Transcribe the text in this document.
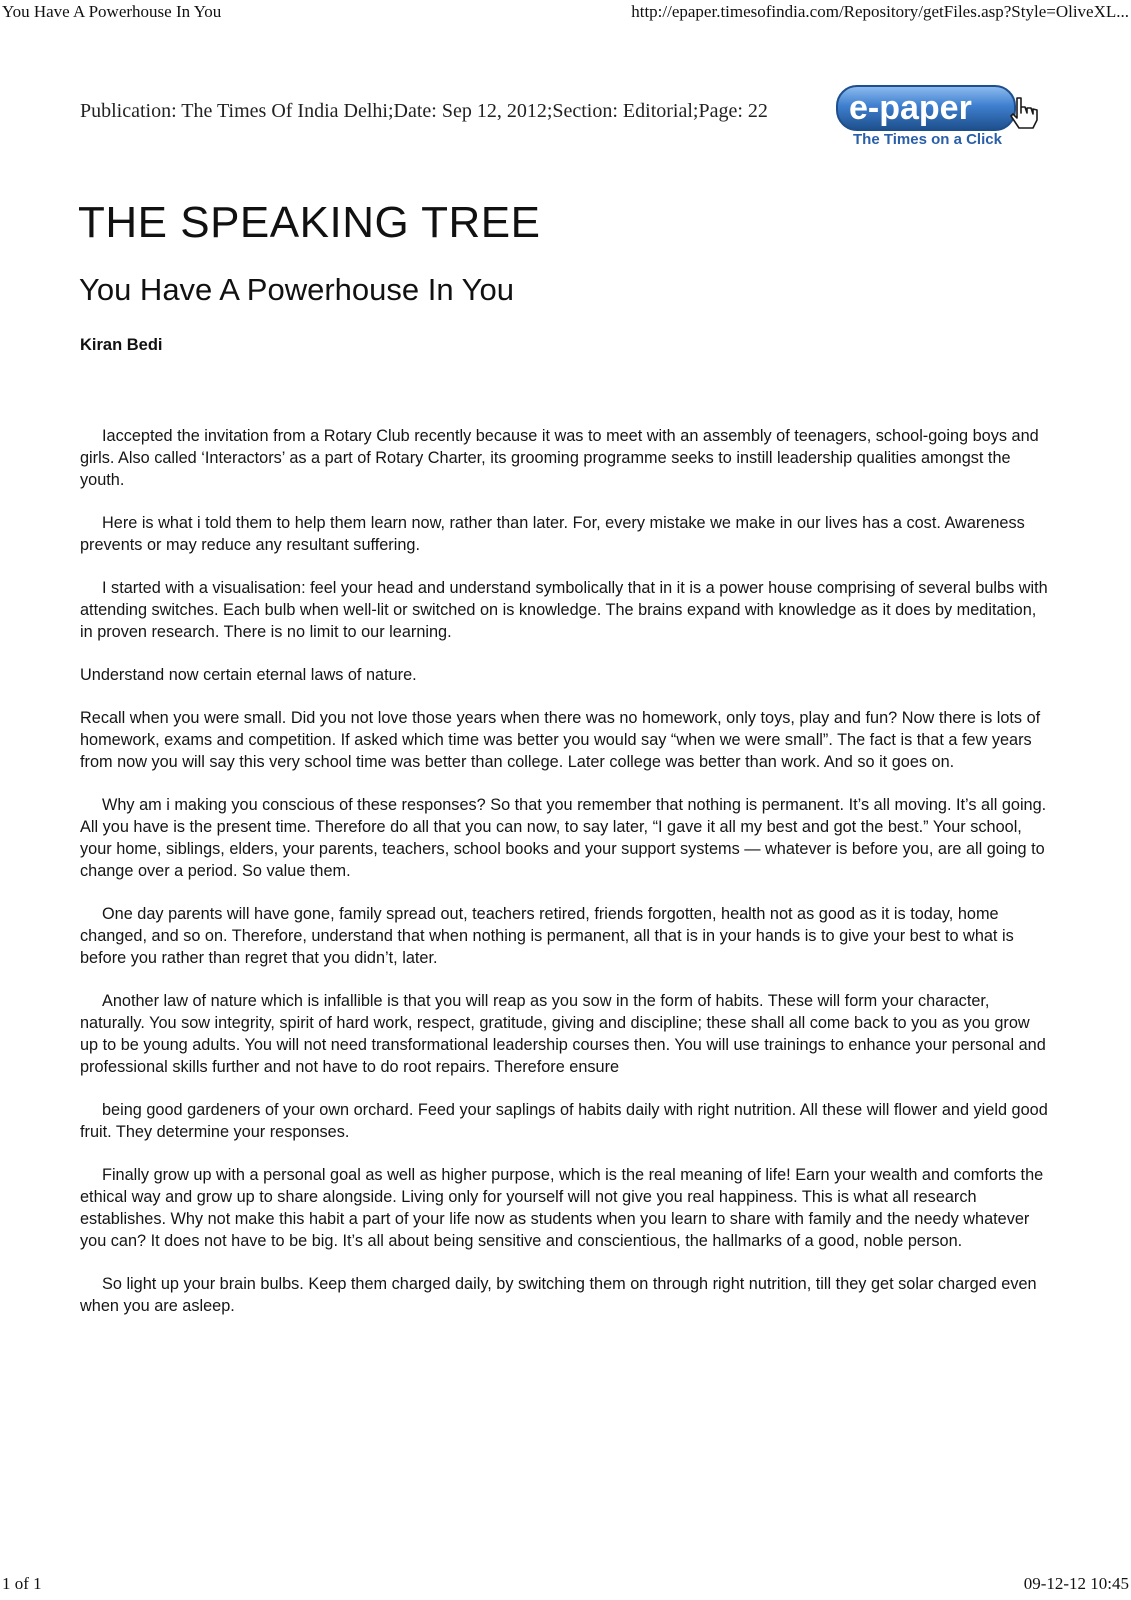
You Have A Powerhouse In You	http://epaper.timesofindia.com/Repository/getFiles.asp?Style=OliveXL...
Publication: The Times Of India Delhi;Date: Sep 12, 2012;Section: Editorial;Page: 22 e-paper
The Times on a Click
THE SPEAKING TREE
You Have A Powerhouse In You
Kiran Bedi

Iaccepted the invitation from a Rotary Club recently because it was to meet with an assembly of teenagers, school-going boys and girls. Also called ‘Interactors’ as a part of Rotary Charter, its grooming programme seeks to instill leadership qualities amongst the youth.

Here is what i told them to help them learn now, rather than later. For, every mistake we make in our lives has a cost. Awareness prevents or may reduce any resultant suffering.

I started with a visualisation: feel your head and understand symbolically that in it is a power house comprising of several bulbs with attending switches. Each bulb when well-lit or switched on is knowledge. The brains expand with knowledge as it does by meditation, in proven research. There is no limit to our learning.

Understand now certain eternal laws of nature.

Recall when you were small. Did you not love those years when there was no homework, only toys, play and fun? Now there is lots of homework, exams and competition. If asked which time was better you would say “when we were small”. The fact is that a few years from now you will say this very school time was better than college. Later college was better than work. And so it goes on.

Why am i making you conscious of these responses? So that you remember that nothing is permanent. It’s all moving. It’s all going. All you have is the present time. Therefore do all that you can now, to say later, “I gave it all my best and got the best.” Your school, your home, siblings, elders, your parents, teachers, school books and your support systems — whatever is before you, are all going to change over a period. So value them.

One day parents will have gone, family spread out, teachers retired, friends forgotten, health not as good as it is today, home changed, and so on. Therefore, understand that when nothing is permanent, all that is in your hands is to give your best to what is before you rather than regret that you didn’t, later.

Another law of nature which is infallible is that you will reap as you sow in the form of habits. These will form your character, naturally. You sow integrity, spirit of hard work, respect, gratitude, giving and discipline; these shall all come back to you as you grow up to be young adults. You will not need transformational leadership courses then. You will use trainings to enhance your personal and professional skills further and not have to do root repairs. Therefore ensure

being good gardeners of your own orchard. Feed your saplings of habits daily with right nutrition. All these will flower and yield good fruit. They determine your responses.

Finally grow up with a personal goal as well as higher purpose, which is the real meaning of life! Earn your wealth and comforts the ethical way and grow up to share alongside. Living only for yourself will not give you real happiness. This is what all research establishes. Why not make this habit a part of your life now as students when you learn to share with family and the needy whatever you can? It does not have to be big. It’s all about being sensitive and conscientious, the hallmarks of a good, noble person.

So light up your brain bulbs. Keep them charged daily, by switching them on through right nutrition, till they get solar charged even when you are asleep.

1 of 1	09-12-12 10:45
